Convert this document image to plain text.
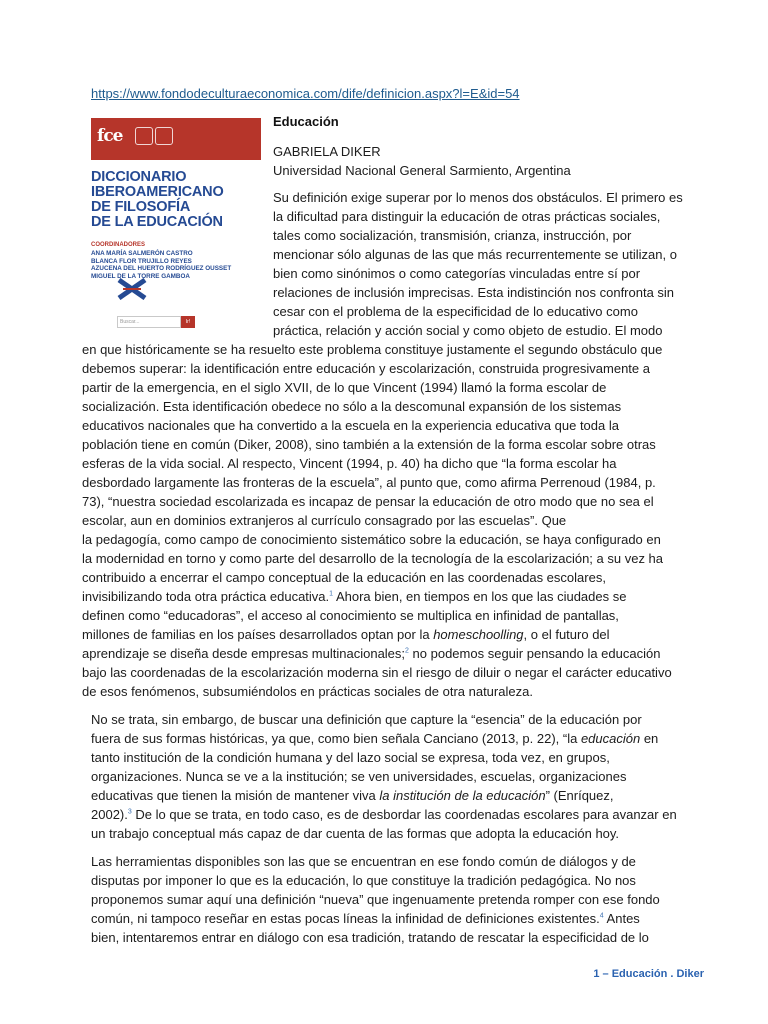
https://www.fondodeculturaeconomica.com/dife/definicion.aspx?l=E&id=54
fce
DICCIONARIO
IBEROAMERICANO
DE FILOSOFÍA
DE LA EDUCACIÓN
COORDINADORES
ANA MARÍA SALMERÓN CASTRO
BLANCA FLOR TRUJILLO REYES
AZUCENA DEL HUERTO RODRÍGUEZ OUSSET
MIGUEL DE LA TORRE GAMBOA
Buscar...	Ir!
Educación
GABRIELA DIKER
Universidad Nacional General Sarmiento, Argentina
Su definición exige superar por lo menos dos obstáculos. El primero es
la dificultad para distinguir la educación de otras prácticas sociales,
tales como socialización, transmisión, crianza, instrucción, por
mencionar sólo algunas de las que más recurrentemente se utilizan, o
bien como sinónimos o como categorías vinculadas entre sí por
relaciones de inclusión imprecisas. Esta indistinción nos confronta sin
cesar con el problema de la especificidad de lo educativo como
práctica, relación y acción social y como objeto de estudio. El modo
en que históricamente se ha resuelto este problema constituye justamente el segundo obstáculo que
debemos superar: la identificación entre educación y escolarización, construida progresivamente a
partir de la emergencia, en el siglo XVII, de lo que Vincent (1994) llamó la forma escolar de
socialización. Esta identificación obedece no sólo a la descomunal expansión de los sistemas
educativos nacionales que ha convertido a la escuela en la experiencia educativa que toda la
población tiene en común (Diker, 2008), sino también a la extensión de la forma escolar sobre otras
esferas de la vida social. Al respecto, Vincent (1994, p. 40) ha dicho que “la forma escolar ha
desbordado largamente las fronteras de la escuela”, al punto que, como afirma Perrenoud (1984, p.
73), “nuestra sociedad escolarizada es incapaz de pensar la educación de otro modo que no sea el
escolar, aun en dominios extranjeros al currículo consagrado por las escuelas”. Que
la pedagogía, como campo de conocimiento sistemático sobre la educación, se haya configurado en
la modernidad en torno y como parte del desarrollo de la tecnología de la escolarización; a su vez ha
contribuido a encerrar el campo conceptual de la educación en las coordenadas escolares,
invisibilizando toda otra práctica educativa.$^1$ Ahora bien, en tiempos en los que las ciudades se
definen como “educadoras”, el acceso al conocimiento se multiplica en infinidad de pantallas,
millones de familias en los países desarrollados optan por la homeschoolling, o el futuro del
aprendizaje se diseña desde empresas multinacionales;$^2$ no podemos seguir pensando la educación
bajo las coordenadas de la escolarización moderna sin el riesgo de diluir o negar el carácter educativo
de esos fenómenos, subsumiéndolos en prácticas sociales de otra naturaleza.
No se trata, sin embargo, de buscar una definición que capture la “esencia” de la educación por
fuera de sus formas históricas, ya que, como bien señala Canciano (2013, p. 22), “la educación en
tanto institución de la condición humana y del lazo social se expresa, toda vez, en grupos,
organizaciones. Nunca se ve a la institución; se ven universidades, escuelas, organizaciones
educativas que tienen la misión de mantener viva la institución de la educación” (Enríquez,
2002).$^3$ De lo que se trata, en todo caso, es de desbordar las coordenadas escolares para avanzar en
un trabajo conceptual más capaz de dar cuenta de las formas que adopta la educación hoy.
Las herramientas disponibles son las que se encuentran en ese fondo común de diálogos y de
disputas por imponer lo que es la educación, lo que constituye la tradición pedagógica. No nos
proponemos sumar aquí una definición “nueva” que ingenuamente pretenda romper con ese fondo
común, ni tampoco reseñar en estas pocas líneas la infinidad de definiciones existentes.$^4$ Antes
bien, intentaremos entrar en diálogo con esa tradición, tratando de rescatar la especificidad de lo
1 – Educación . Diker
